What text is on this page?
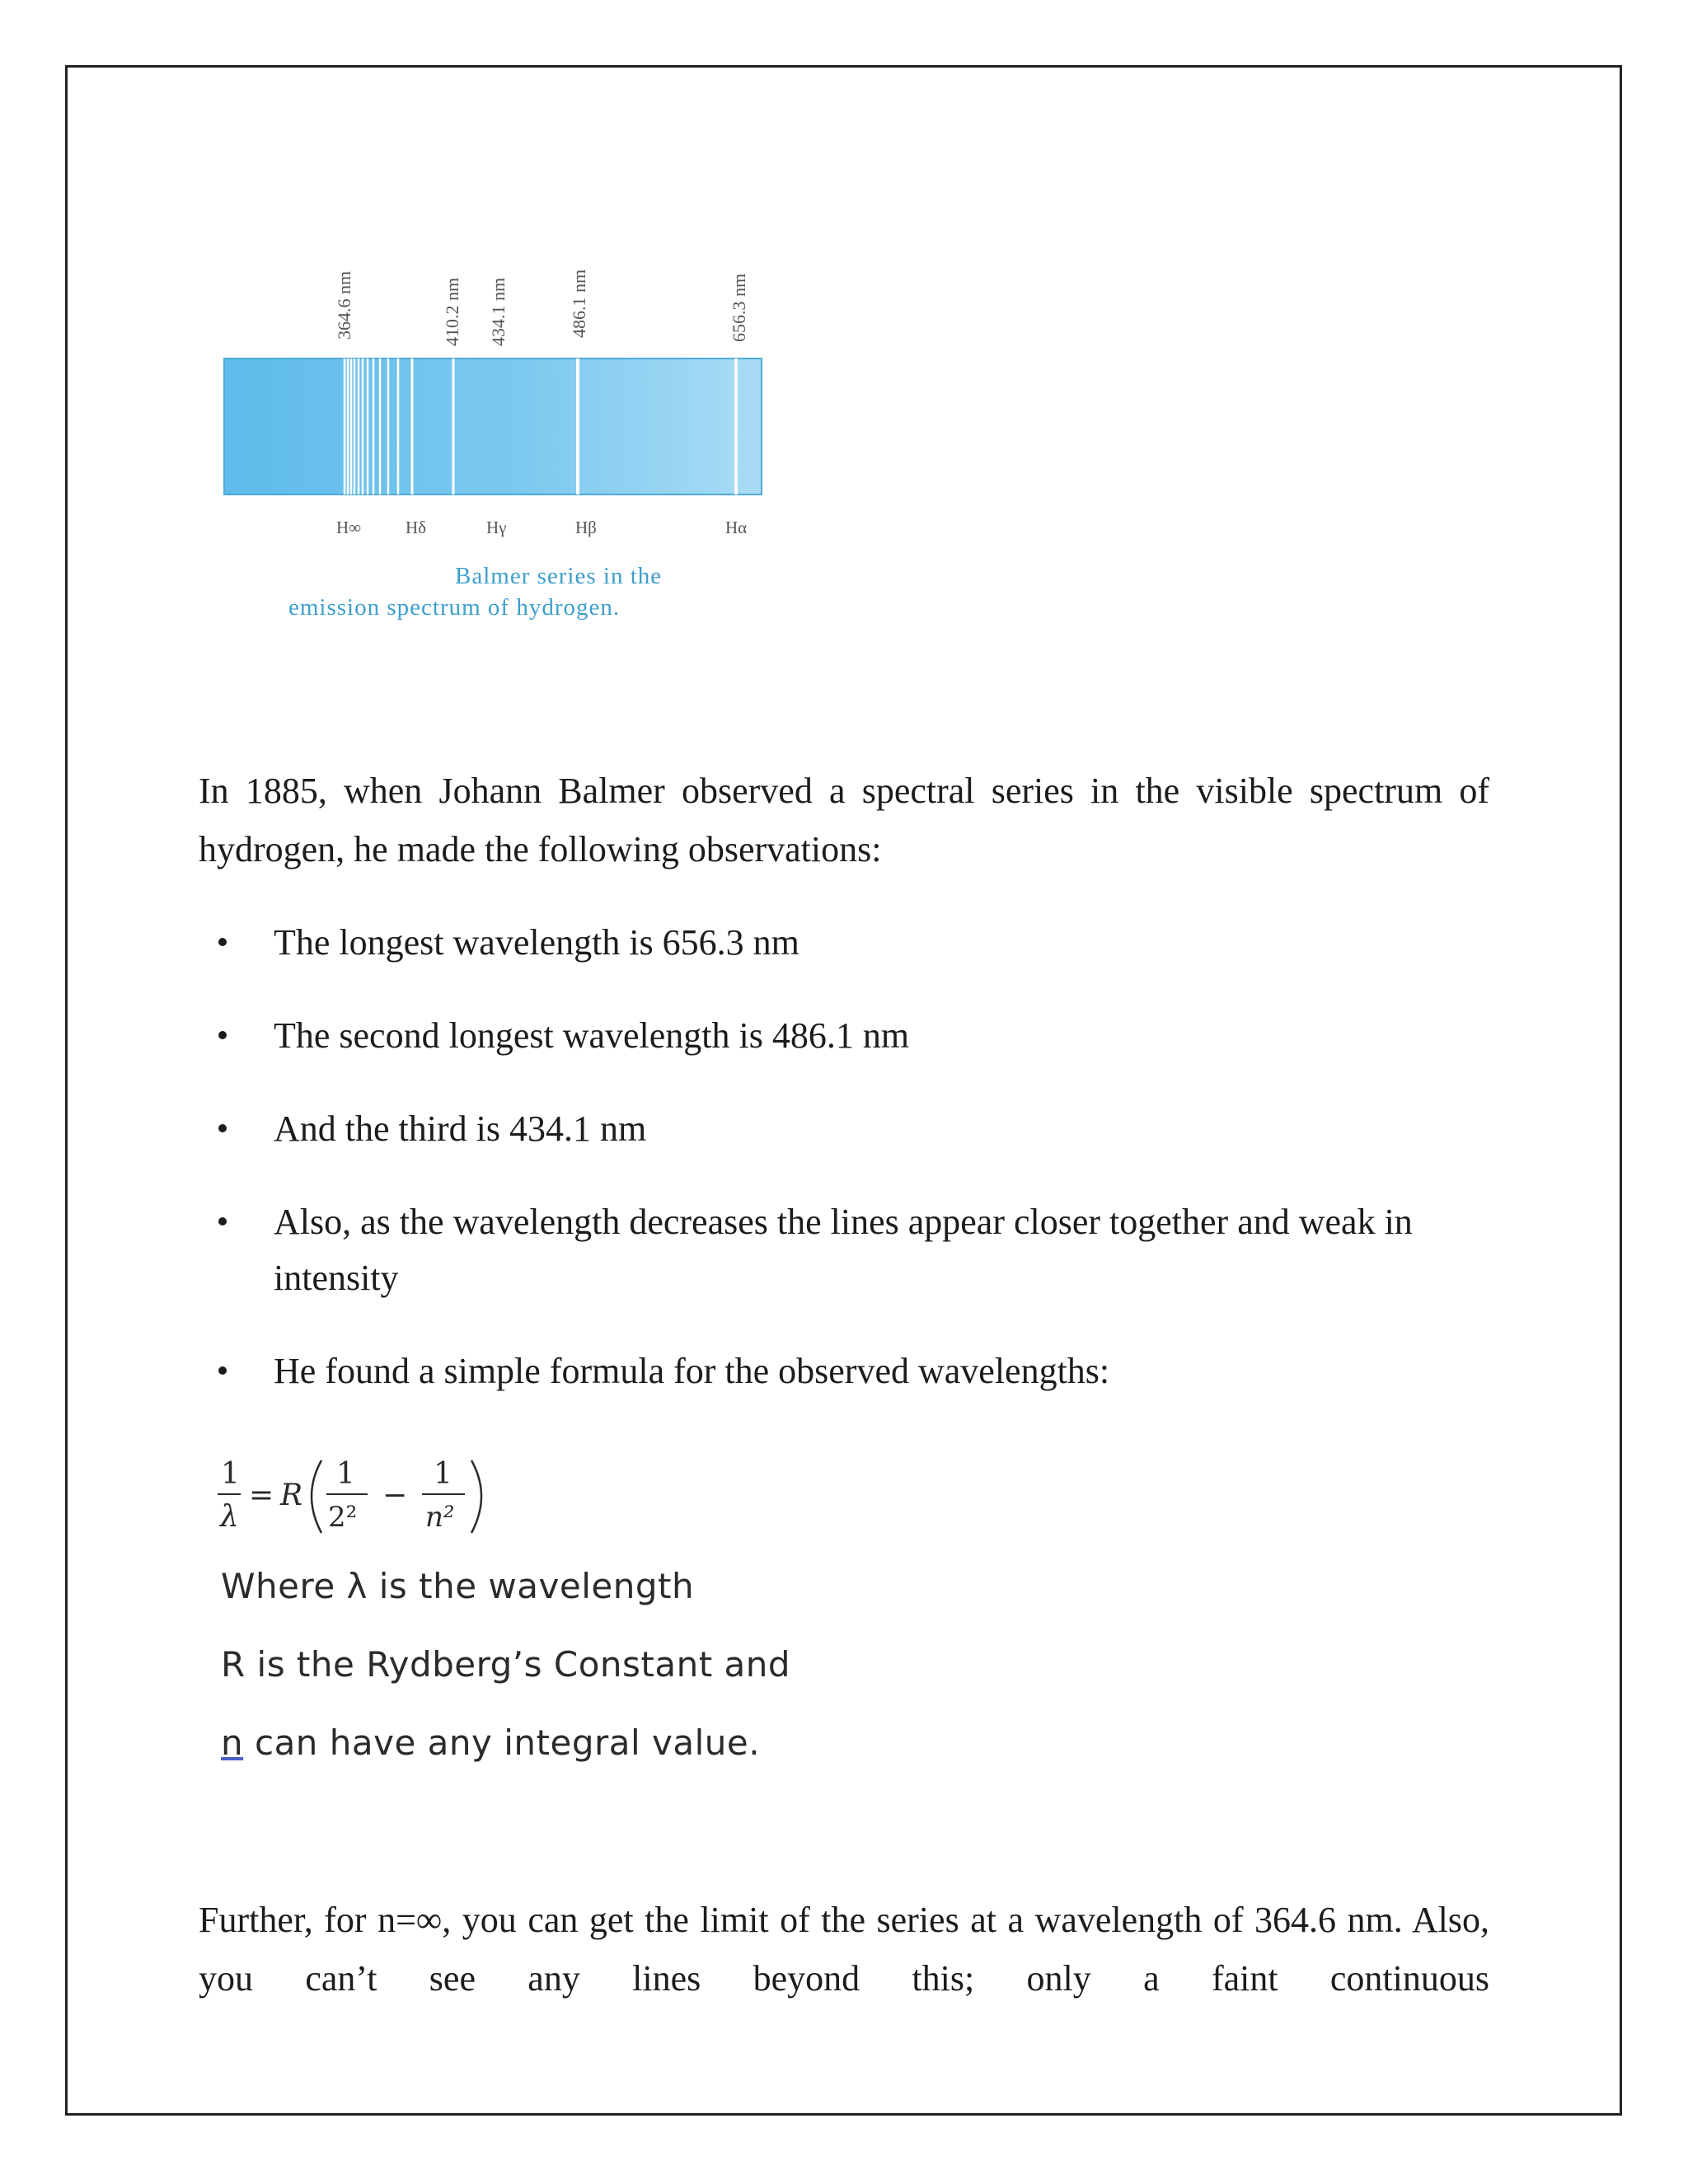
364.6 nm	410.2 nm 434.1 nm	486.1 nm	656.3 nm
H∞	Hδ	Hγ	Hβ	Hα
Balmer series in the
emission spectrum of hydrogen.

In 1885, when Johann Balmer observed a spectral series in the visible spectrum of hydrogen, he made the following observations:

The longest wavelength is 656.3 nm
The second longest wavelength is 486.1 nm
And the third is 434.1 nm
Also, as the wavelength decreases the lines appear closer together and weak in intensity
He found a simple formula for the observed wavelengths:
1
λ
= R
1
2²
−
1
n²
Where λ is the wavelength
R is the Rydberg’s Constant and
n can have any integral value.

Further, for n=∞, you can get the limit of the series at a wavelength of 364.6 nm. Also, you can’t see any lines beyond this; only a faint continuous
